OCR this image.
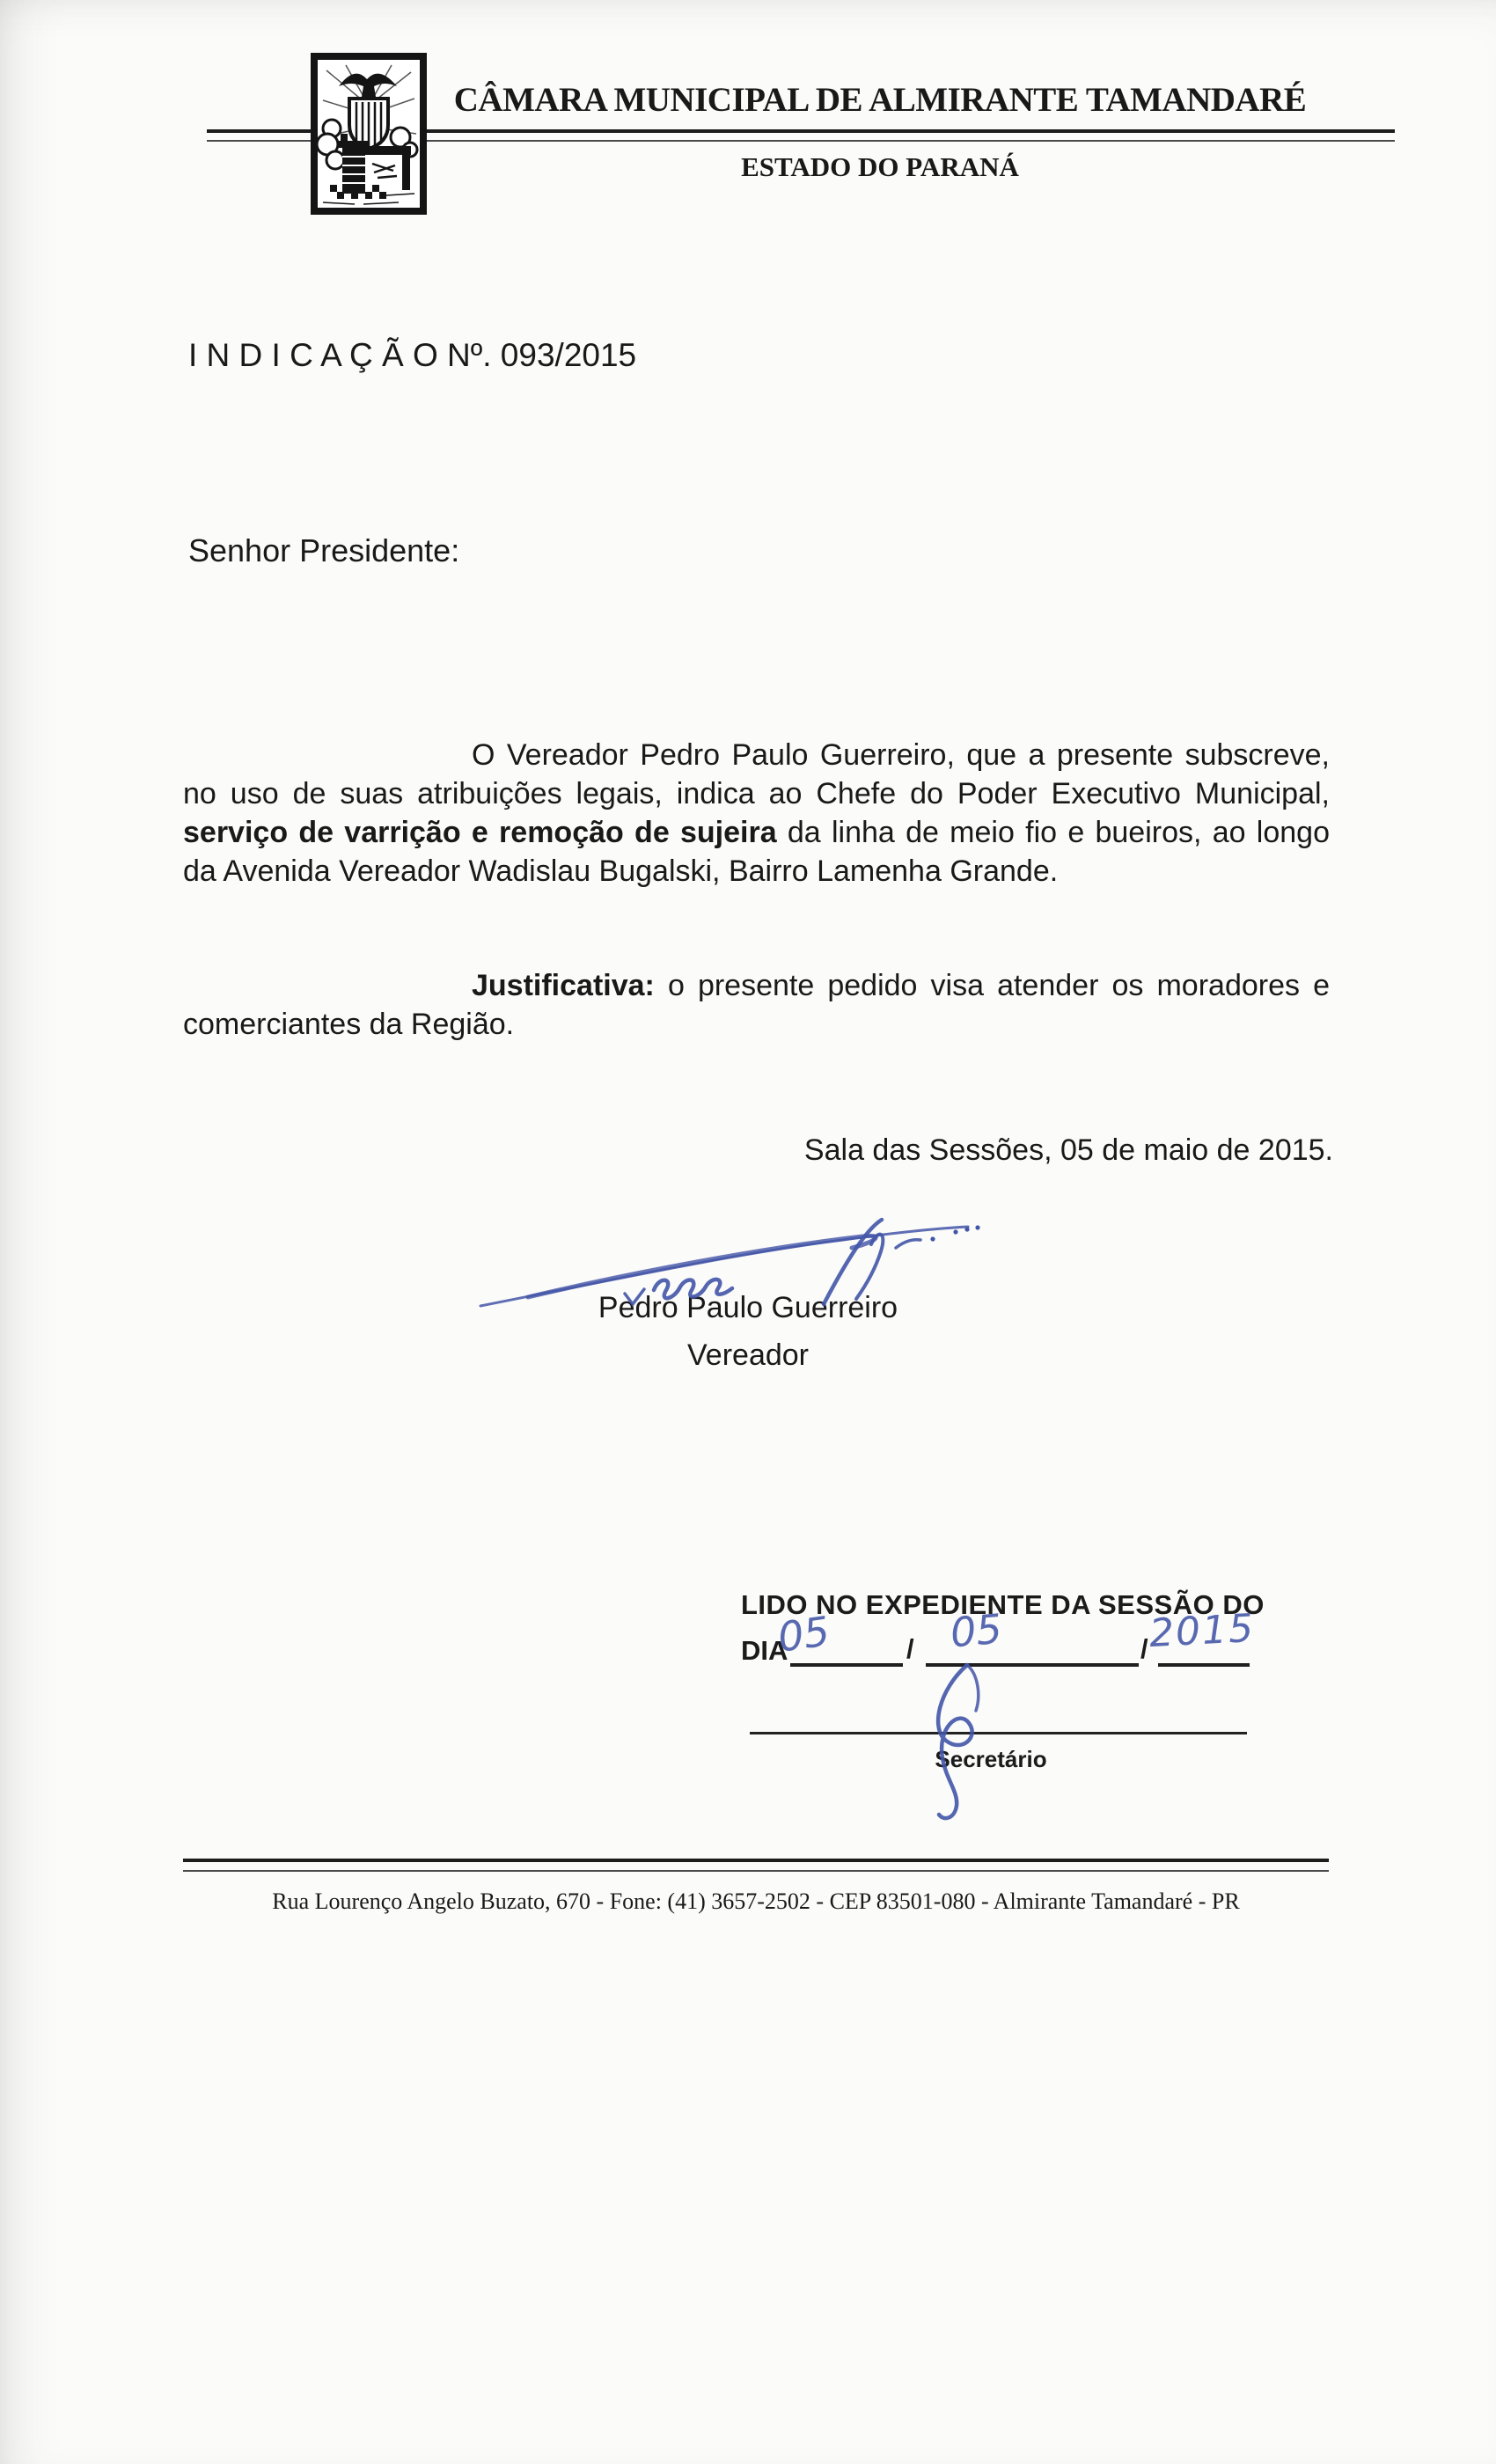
CÂMARA MUNICIPAL DE ALMIRANTE TAMANDARÉ
ESTADO DO PARANÁ
I N D I C A Ç Ã O Nº. 093/2015
Senhor Presidente:

O Vereador Pedro Paulo Guerreiro, que a presente subscreve, no uso de suas atribuições legais, indica ao Chefe do Poder Executivo Municipal, serviço de varrição e remoção de sujeira da linha de meio fio e bueiros, ao longo da Avenida Vereador Wadislau Bugalski, Bairro Lamenha Grande.

Justificativa: o presente pedido visa atender os moradores e comerciantes da Região.

Sala das Sessões, 05 de maio de 2015.
Pedro Paulo Guerreiro
Vereador
LIDO NO EXPEDIENTE DA SESSÃO DO
DIA	/	/
05	05	2015
Secretário
Rua Lourenço Angelo Buzato, 670 - Fone: (41) 3657-2502 - CEP 83501-080 - Almirante Tamandaré - PR
